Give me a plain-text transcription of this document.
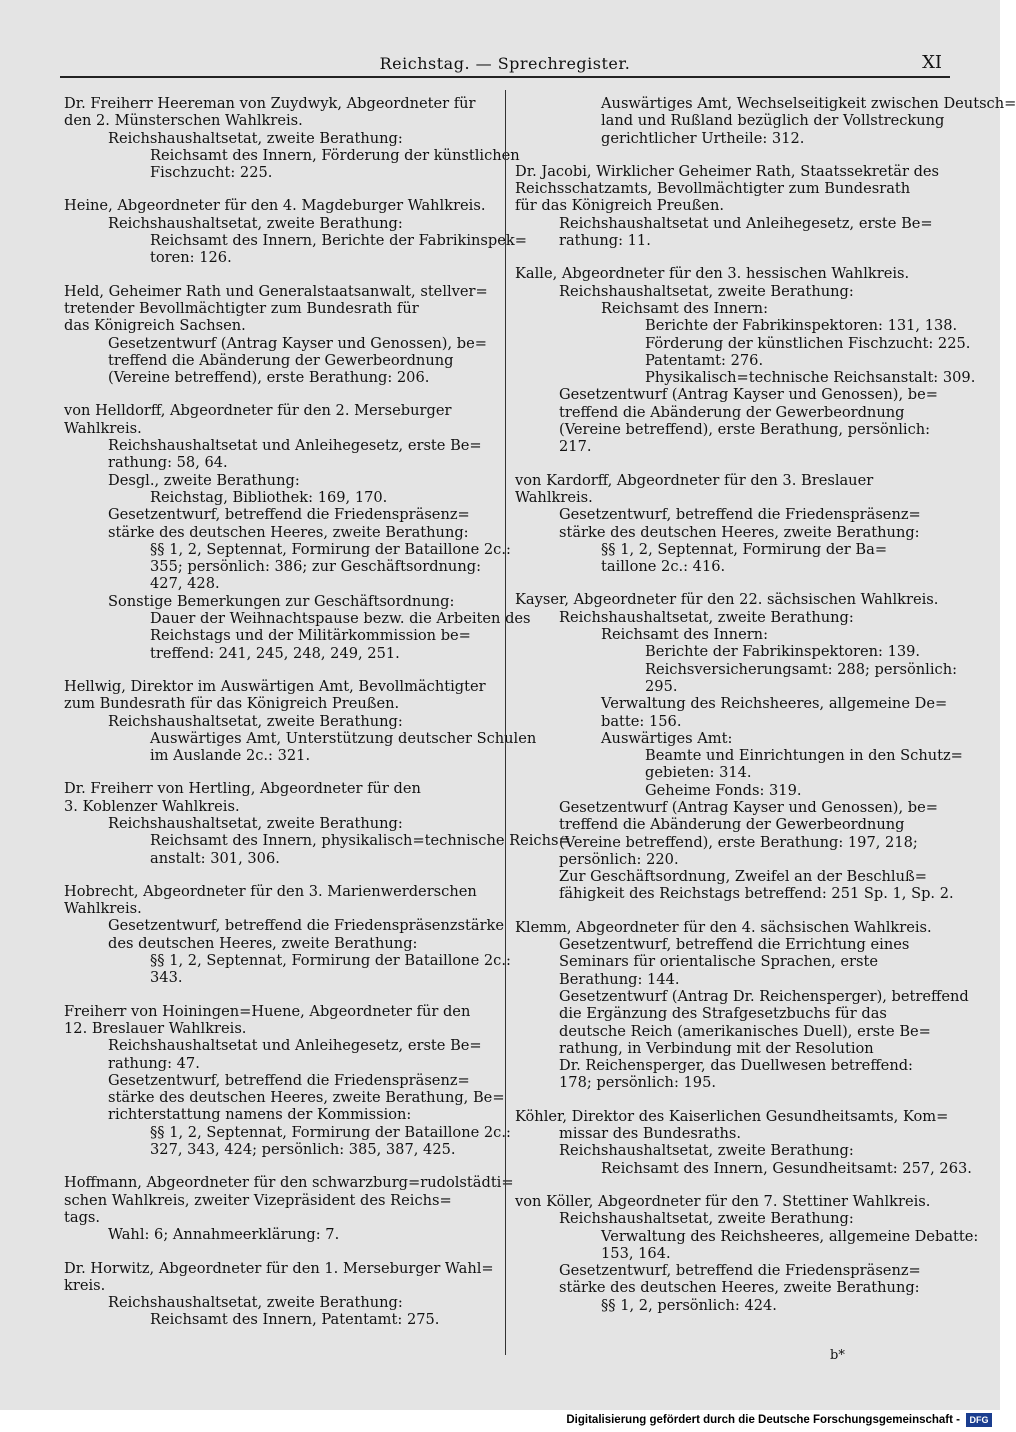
Reichstag. — Sprechregister.	XI
Dr. Freiherr Heereman von Zuydwyk, Abgeordneter für
den 2. Münsterschen Wahlkreis.
Reichshaushaltsetat, zweite Berathung:
Reichsamt des Innern, Förderung der künstlichen
Fischzucht: 225.
Heine, Abgeordneter für den 4. Magdeburger Wahlkreis.
Reichshaushaltsetat, zweite Berathung:
Reichsamt des Innern, Berichte der Fabrikinspek=
toren: 126.
Held, Geheimer Rath und Generalstaatsanwalt, stellver=
tretender Bevollmächtigter zum Bundesrath für
das Königreich Sachsen.
Gesetzentwurf (Antrag Kayser und Genossen), be=
treffend die Abänderung der Gewerbeordnung
(Vereine betreffend), erste Berathung: 206.
von Helldorff, Abgeordneter für den 2. Merseburger
Wahlkreis.
Reichshaushaltsetat und Anleihegesetz, erste Be=
rathung: 58, 64.
Desgl., zweite Berathung:
Reichstag, Bibliothek: 169, 170.
Gesetzentwurf, betreffend die Friedenspräsenz=
stärke des deutschen Heeres, zweite Berathung:
§§ 1, 2, Septennat, Formirung der Bataillone 2c.:
355; persönlich: 386; zur Geschäftsordnung:
427, 428.
Sonstige Bemerkungen zur Geschäftsordnung:
Dauer der Weihnachtspause bezw. die Arbeiten des
Reichstags und der Militärkommission be=
treffend: 241, 245, 248, 249, 251.
Hellwig, Direktor im Auswärtigen Amt, Bevollmächtigter
zum Bundesrath für das Königreich Preußen.
Reichshaushaltsetat, zweite Berathung:
Auswärtiges Amt, Unterstützung deutscher Schulen
im Auslande 2c.: 321.
Dr. Freiherr von Hertling, Abgeordneter für den
3. Koblenzer Wahlkreis.
Reichshaushaltsetat, zweite Berathung:
Reichsamt des Innern, physikalisch=technische Reichs=
anstalt: 301, 306.
Hobrecht, Abgeordneter für den 3. Marienwerderschen
Wahlkreis.
Gesetzentwurf, betreffend die Friedenspräsenzstärke
des deutschen Heeres, zweite Berathung:
§§ 1, 2, Septennat, Formirung der Bataillone 2c.:
343.
Freiherr von Hoiningen=Huene, Abgeordneter für den
12. Breslauer Wahlkreis.
Reichshaushaltsetat und Anleihegesetz, erste Be=
rathung: 47.
Gesetzentwurf, betreffend die Friedenspräsenz=
stärke des deutschen Heeres, zweite Berathung, Be=
richterstattung namens der Kommission:
§§ 1, 2, Septennat, Formirung der Bataillone 2c.:
327, 343, 424; persönlich: 385, 387, 425.
Hoffmann, Abgeordneter für den schwarzburg=rudolstädti=
schen Wahlkreis, zweiter Vizepräsident des Reichs=
tags.
Wahl: 6; Annahmeerklärung: 7.
Dr. Horwitz, Abgeordneter für den 1. Merseburger Wahl=
kreis.
Reichshaushaltsetat, zweite Berathung:
Reichsamt des Innern, Patentamt: 275.
Auswärtiges Amt, Wechselseitigkeit zwischen Deutsch=
land und Rußland bezüglich der Vollstreckung
gerichtlicher Urtheile: 312.
Dr. Jacobi, Wirklicher Geheimer Rath, Staatssekretär des
Reichsschatzamts, Bevollmächtigter zum Bundesrath
für das Königreich Preußen.
Reichshaushaltsetat und Anleihegesetz, erste Be=
rathung: 11.
Kalle, Abgeordneter für den 3. hessischen Wahlkreis.
Reichshaushaltsetat, zweite Berathung:
Reichsamt des Innern:
Berichte der Fabrikinspektoren: 131, 138.
Förderung der künstlichen Fischzucht: 225.
Patentamt: 276.
Physikalisch=technische Reichsanstalt: 309.
Gesetzentwurf (Antrag Kayser und Genossen), be=
treffend die Abänderung der Gewerbeordnung
(Vereine betreffend), erste Berathung, persönlich:
217.
von Kardorff, Abgeordneter für den 3. Breslauer
Wahlkreis.
Gesetzentwurf, betreffend die Friedenspräsenz=
stärke des deutschen Heeres, zweite Berathung:
§§ 1, 2, Septennat, Formirung der Ba=
taillone 2c.: 416.
Kayser, Abgeordneter für den 22. sächsischen Wahlkreis.
Reichshaushaltsetat, zweite Berathung:
Reichsamt des Innern:
Berichte der Fabrikinspektoren: 139.
Reichsversicherungsamt: 288; persönlich:
295.
Verwaltung des Reichsheeres, allgemeine De=
batte: 156.
Auswärtiges Amt:
Beamte und Einrichtungen in den Schutz=
gebieten: 314.
Geheime Fonds: 319.
Gesetzentwurf (Antrag Kayser und Genossen), be=
treffend die Abänderung der Gewerbeordnung
(Vereine betreffend), erste Berathung: 197, 218;
persönlich: 220.
Zur Geschäftsordnung, Zweifel an der Beschluß=
fähigkeit des Reichstags betreffend: 251 Sp. 1, Sp. 2.
Klemm, Abgeordneter für den 4. sächsischen Wahlkreis.
Gesetzentwurf, betreffend die Errichtung eines
Seminars für orientalische Sprachen, erste
Berathung: 144.
Gesetzentwurf (Antrag Dr. Reichensperger), betreffend
die Ergänzung des Strafgesetzbuchs für das
deutsche Reich (amerikanisches Duell), erste Be=
rathung, in Verbindung mit der Resolution
Dr. Reichensperger, das Duellwesen betreffend:
178; persönlich: 195.
Köhler, Direktor des Kaiserlichen Gesundheitsamts, Kom=
missar des Bundesraths.
Reichshaushaltsetat, zweite Berathung:
Reichsamt des Innern, Gesundheitsamt: 257, 263.
von Köller, Abgeordneter für den 7. Stettiner Wahlkreis.
Reichshaushaltsetat, zweite Berathung:
Verwaltung des Reichsheeres, allgemeine Debatte:
153, 164.
Gesetzentwurf, betreffend die Friedenspräsenz=
stärke des deutschen Heeres, zweite Berathung:
§§ 1, 2, persönlich: 424.
b*
Digitalisierung gefördert durch die Deutsche Forschungsgemeinschaft -	DFG
